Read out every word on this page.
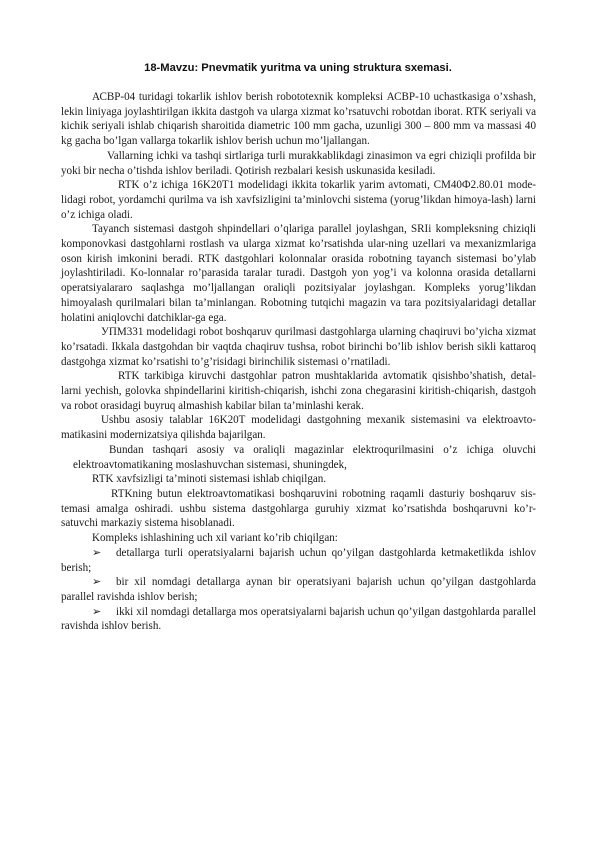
18-Mavzu: Pnevmatik yuritma va uning struktura sxemasi.

АСВР-04 turidagi tokarlik ishlov berish robototexnik kompleksi АСВР-10 uchastkasiga o’xshash, lekin liniyaga joylashtirilgan ikkita dastgoh va ularga xizmat ko’rsatuvchi robotdan iborat. RTK seriyali va kichik seriyali ishlab chiqarish sharoitida diametric 100 mm gacha, uzunligi 300 – 800 mm va massasi 40 kg gacha bo’lgan vallarga tokarlik ishlov berish uchun mo’ljallangan.

Vallarning ichki va tashqi sirtlariga turli murakkablikdagi zinasimon va egri chiziqli profilda bir yoki bir necha o’tishda ishlov beriladi. Qotirish rezbalari kesish uskunasida kesiladi.

RTK o’z ichiga 16K20T1 modelidagi ikkita tokarlik yarim avtomati, CM40Ф2.80.01 mode-lidagi robot, yordamchi qurilma va ish xavfsizligini ta’minlovchi sistema (yorug’likdan himoya-lash) larni o’z ichiga oladi.

Tayanch sistemasi dastgoh shpindellari o’qlariga parallel joylashgan, SRIi kompleksning chiziqli komponovkasi dastgohlarni rostlash va ularga xizmat ko’rsatishda ular-ning uzellari va mexanizmlariga oson kirish imkonini beradi. RTK dastgohlari kolonnalar orasida robotning tayanch sistemasi bo’ylab joylashtiriladi. Ko-lonnalar ro’parasida taralar turadi. Dastgoh yon yog’i va kolonna orasida detallarni operatsiyalararo saqlashga mo’ljallangan oraliqli pozitsiyalar joylashgan. Kompleks yorug’likdan himoyalash qurilmalari bilan ta’minlangan. Robotning tutqichi magazin va tara pozitsiyalaridagi detallar holatini aniqlovchi datchiklar-ga ega.

УПМ331 modelidagi robot boshqaruv qurilmasi dastgohlarga ularning chaqiruvi bo’yicha xizmat ko’rsatadi. Ikkala dastgohdan bir vaqtda chaqiruv tushsa, robot birinchi bo’lib ishlov berish sikli kattaroq dastgohga xizmat ko’rsatishi to’g’risidagi birinchilik sistemasi o’rnatiladi.

RTK tarkibiga kiruvchi dastgohlar patron mushtaklarida avtomatik qisishbo’shatish, detal-larni yechish, golovka shpindellarini kiritish-chiqarish, ishchi zona chegarasini kiritish-chiqarish, dastgoh va robot orasidagi buyruq almashish kabilar bilan ta’minlashi kerak.

Ushbu asosiy talablar 16K20T modelidagi dastgohning mexanik sistemasini va elektroavto-matikasini modernizatsiya qilishda bajarilgan.

Bundan tashqari asosiy va oraliqli magazinlar elektroqurilmasini o’z ichiga oluvchi elektroavtomatikaning moslashuvchan sistemasi, shuningdek,

RTK xavfsizligi ta’minoti sistemasi ishlab chiqilgan.

RTKning butun elektroavtomatikasi boshqaruvini robotning raqamli dasturiy boshqaruv sis-temasi amalga oshiradi. ushbu sistema dastgohlarga guruhiy xizmat ko’rsatishda boshqaruvni ko’r-satuvchi markaziy sistema hisoblanadi.

Kompleks ishlashining uch xil variant ko’rib chiqilgan:

➢ detallarga turli operatsiyalarni bajarish uchun qo’yilgan dastgohlarda ketmaketlikda ishlov berish;

➢ bir xil nomdagi detallarga aynan bir operatsiyani bajarish uchun qo’yilgan dastgohlarda parallel ravishda ishlov berish;

➢ ikki xil nomdagi detallarga mos operatsiyalarni bajarish uchun qo’yilgan dastgohlarda parallel ravishda ishlov berish.
